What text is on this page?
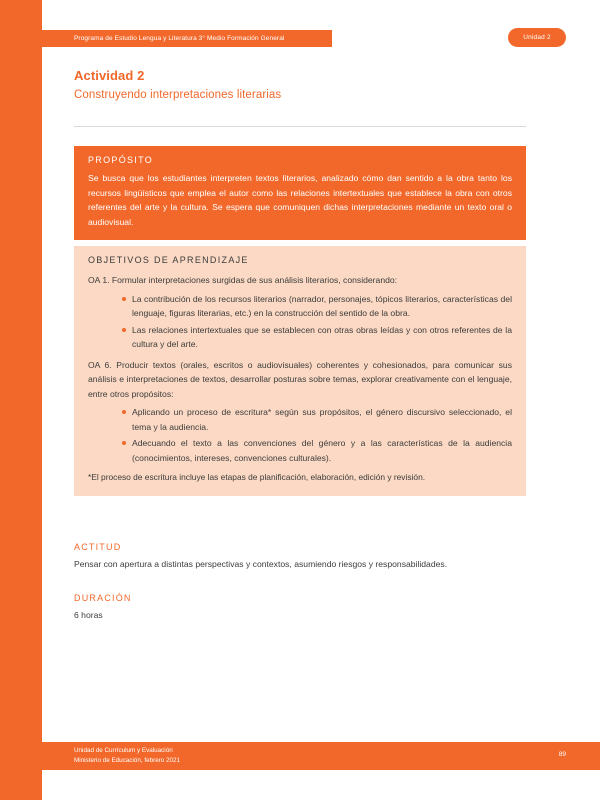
Programa de Estudio Lengua y Literatura 3° Medio Formación General	Unidad 2
Actividad 2
Construyendo interpretaciones literarias
PROPÓSITO
Se busca que los estudiantes interpreten textos literarios, analizado cómo dan sentido a la obra tanto los recursos lingüísticos que emplea el autor como las relaciones intertextuales que establece la obra con otros referentes del arte y la cultura. Se espera que comuniquen dichas interpretaciones mediante un texto oral o audiovisual.
OBJETIVOS DE APRENDIZAJE

OA 1. Formular interpretaciones surgidas de sus análisis literarios, considerando:

La contribución de los recursos literarios (narrador, personajes, tópicos literarios, características del lenguaje, figuras literarias, etc.) en la construcción del sentido de la obra.
Las relaciones intertextuales que se establecen con otras obras leídas y con otros referentes de la cultura y del arte.

OA 6. Producir textos (orales, escritos o audiovisuales) coherentes y cohesionados, para comunicar sus análisis e interpretaciones de textos, desarrollar posturas sobre temas, explorar creativamente con el lenguaje, entre otros propósitos:

Aplicando un proceso de escritura* según sus propósitos, el género discursivo seleccionado, el tema y la audiencia.
Adecuando el texto a las convenciones del género y a las características de la audiencia (conocimientos, intereses, convenciones culturales).
*El proceso de escritura incluye las etapas de planificación, elaboración, edición y revisión.
ACTITUD
Pensar con apertura a distintas perspectivas y contextos, asumiendo riesgos y responsabilidades.
DURACIÓN
6 horas
Unidad de Currículum y Evaluación
Ministerio de Educación, febrero 2021
89
